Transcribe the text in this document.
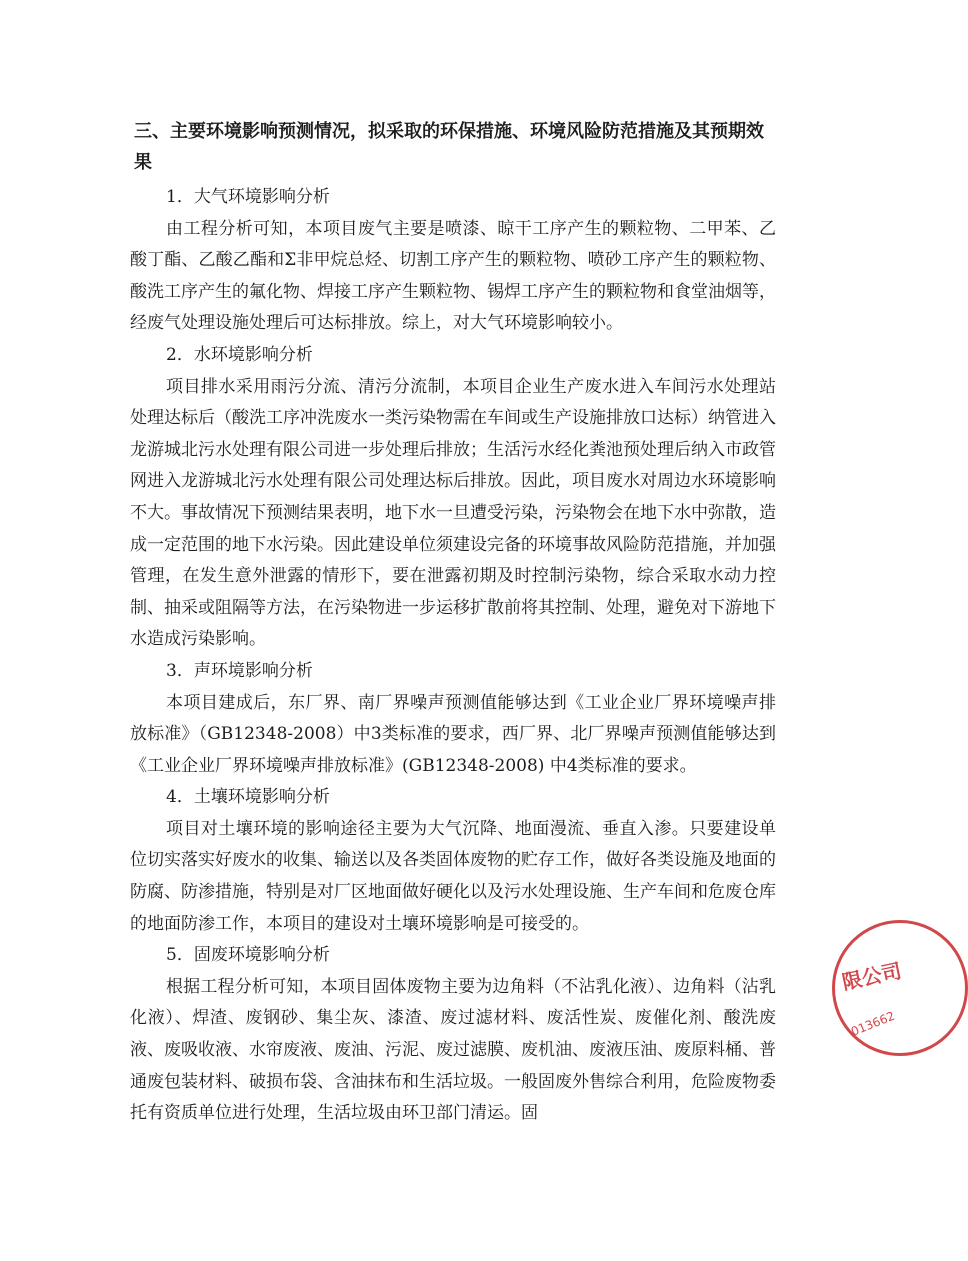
三、主要环境影响预测情况，拟采取的环保措施、环境风险防范措施及其预期效果

1．大气环境影响分析

由工程分析可知，本项目废气主要是喷漆、晾干工序产生的颗粒物、二甲苯、乙酸丁酯、乙酸乙酯和Σ非甲烷总烃、切割工序产生的颗粒物、喷砂工序产生的颗粒物、酸洗工序产生的氟化物、焊接工序产生颗粒物、锡焊工序产生的颗粒物和食堂油烟等，经废气处理设施处理后可达标排放。综上，对大气环境影响较小。

2．水环境影响分析

项目排水采用雨污分流、清污分流制，本项目企业生产废水进入车间污水处理站处理达标后（酸洗工序冲洗废水一类污染物需在车间或生产设施排放口达标）纳管进入龙游城北污水处理有限公司进一步处理后排放；生活污水经化粪池预处理后纳入市政管网进入龙游城北污水处理有限公司处理达标后排放。因此，项目废水对周边水环境影响不大。事故情况下预测结果表明，地下水一旦遭受污染，污染物会在地下水中弥散，造成一定范围的地下水污染。因此建设单位须建设完备的环境事故风险防范措施，并加强管理，在发生意外泄露的情形下，要在泄露初期及时控制污染物，综合采取水动力控制、抽采或阻隔等方法，在污染物进一步运移扩散前将其控制、处理，避免对下游地下水造成污染影响。

3．声环境影响分析

本项目建成后，东厂界、南厂界噪声预测值能够达到《工业企业厂界环境噪声排放标准》（GB12348-2008）中3类标准的要求，西厂界、北厂界噪声预测值能够达到《工业企业厂界环境噪声排放标准》(GB12348-2008) 中4类标准的要求。

4．土壤环境影响分析

项目对土壤环境的影响途径主要为大气沉降、地面漫流、垂直入渗。只要建设单位切实落实好废水的收集、输送以及各类固体废物的贮存工作，做好各类设施及地面的防腐、防渗措施，特别是对厂区地面做好硬化以及污水处理设施、生产车间和危废仓库的地面防渗工作，本项目的建设对土壤环境影响是可接受的。

5．固废环境影响分析

根据工程分析可知，本项目固体废物主要为边角料（不沾乳化液）、边角料（沾乳化液）、焊渣、废钢砂、集尘灰、漆渣、废过滤材料、废活性炭、废催化剂、酸洗废液、废吸收液、水帘废液、废油、污泥、废过滤膜、废机油、废液压油、废原料桶、普通废包装材料、破损布袋、含油抹布和生活垃圾。一般固废外售综合利用，危险废物委托有资质单位进行处理，生活垃圾由环卫部门清运。固

限公司
013662
